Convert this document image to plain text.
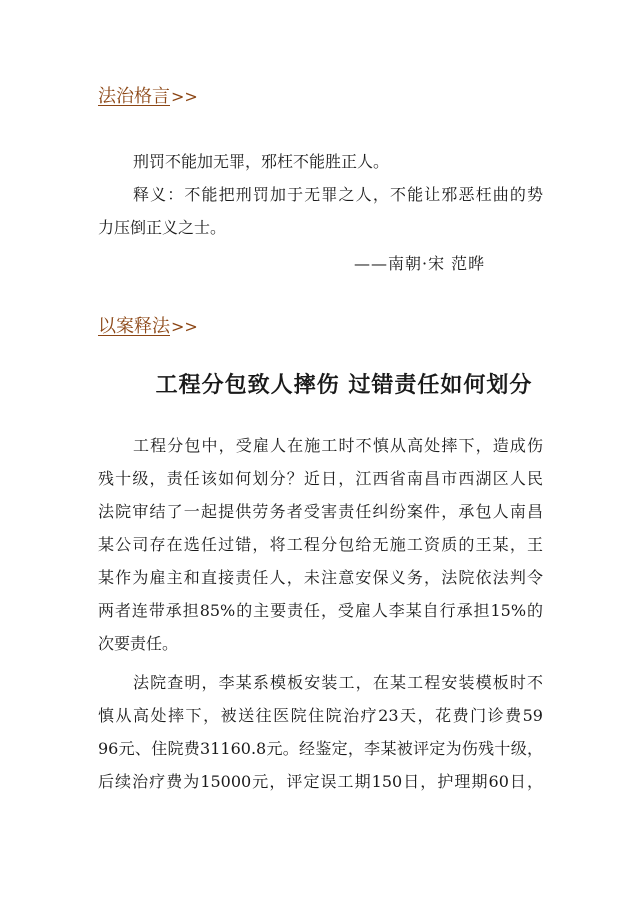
法治格言>>
刑罚不能加无罪，邪枉不能胜正人。
释义：不能把刑罚加于无罪之人，不能让邪恶枉曲的势
力压倒正义之士。
——南朝·宋 范晔
以案释法>>
工程分包致人摔伤 过错责任如何划分
工程分包中，受雇人在施工时不慎从高处摔下，造成伤
残十级，责任该如何划分？近日，江西省南昌市西湖区人民
法院审结了一起提供劳务者受害责任纠纷案件，承包人南昌
某公司存在选任过错，将工程分包给无施工资质的王某，王
某作为雇主和直接责任人，未注意安保义务，法院依法判令
两者连带承担85%的主要责任，受雇人李某自行承担15%的
次要责任。
法院查明，李某系模板安装工，在某工程安装模板时不
慎从高处摔下，被送往医院住院治疗23天，花费门诊费59
96元、住院费31160.8元。经鉴定，李某被评定为伤残十级，
后续治疗费为15000元，评定误工期150日，护理期60日，
